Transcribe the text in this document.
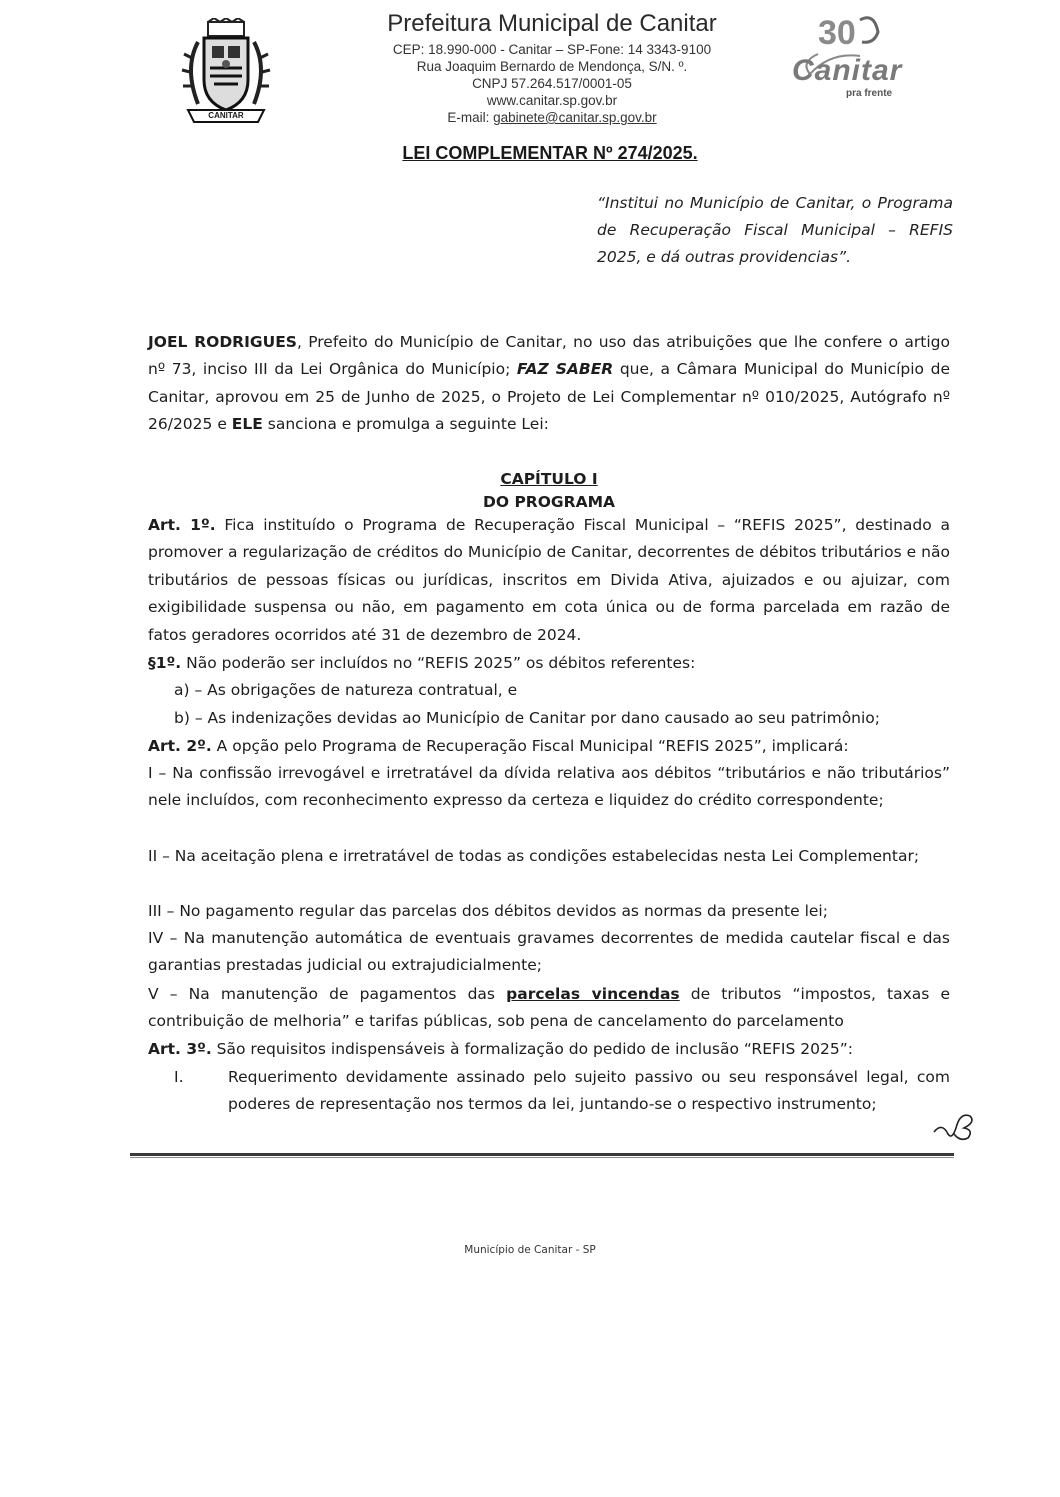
CANITAR
Prefeitura Municipal de Canitar
CEP: 18.990-000 - Canitar – SP-Fone: 14 3343-9100
Rua Joaquim Bernardo de Mendonça, S/N. º.
CNPJ 57.264.517/0001-05
www.canitar.sp.gov.br
E-mail: gabinete@canitar.sp.gov.br
30
Canitar
pra frente
LEI COMPLEMENTAR Nº 274/2025.
“Institui no Município de Canitar, o Programa de Recuperação Fiscal Municipal – REFIS 2025, e dá outras providencias”.
JOEL RODRIGUES, Prefeito do Município de Canitar, no uso das atribuições que lhe confere o artigo nº 73, inciso III da Lei Orgânica do Município; FAZ SABER que, a Câmara Municipal do Município de Canitar, aprovou em 25 de Junho de 2025, o Projeto de Lei Complementar nº 010/2025, Autógrafo nº 26/2025 e ELE sanciona e promulga a seguinte Lei:
CAPÍTULO I
DO PROGRAMA
Art. 1º. Fica instituído o Programa de Recuperação Fiscal Municipal – “REFIS 2025”, destinado a promover a regularização de créditos do Município de Canitar, decorrentes de débitos tributários e não tributários de pessoas físicas ou jurídicas, inscritos em Divida Ativa, ajuizados e ou ajuizar, com exigibilidade suspensa ou não, em pagamento em cota única ou de forma parcelada em razão de fatos geradores ocorridos até 31 de dezembro de 2024.
§1º. Não poderão ser incluídos no “REFIS 2025” os débitos referentes:
a) – As obrigações de natureza contratual, e
b) – As indenizações devidas ao Município de Canitar por dano causado ao seu patrimônio;
Art. 2º. A opção pelo Programa de Recuperação Fiscal Municipal “REFIS 2025”, implicará:
I – Na confissão irrevogável e irretratável da dívida relativa aos débitos “tributários e não tributários” nele incluídos, com reconhecimento expresso da certeza e liquidez do crédito correspondente;
II – Na aceitação plena e irretratável de todas as condições estabelecidas nesta Lei Complementar;
III – No pagamento regular das parcelas dos débitos devidos as normas da presente lei;
IV – Na manutenção automática de eventuais gravames decorrentes de medida cautelar fiscal e das garantias prestadas judicial ou extrajudicialmente;
V – Na manutenção de pagamentos das parcelas vincendas de tributos “impostos, taxas e contribuição de melhoria” e tarifas públicas, sob pena de cancelamento do parcelamento
Art. 3º. São requisitos indispensáveis à formalização do pedido de inclusão “REFIS 2025”:
I.	Requerimento devidamente assinado pelo sujeito passivo ou seu responsável legal, com poderes de representação nos termos da lei, juntando-se o respectivo instrumento;
Município de Canitar - SP
